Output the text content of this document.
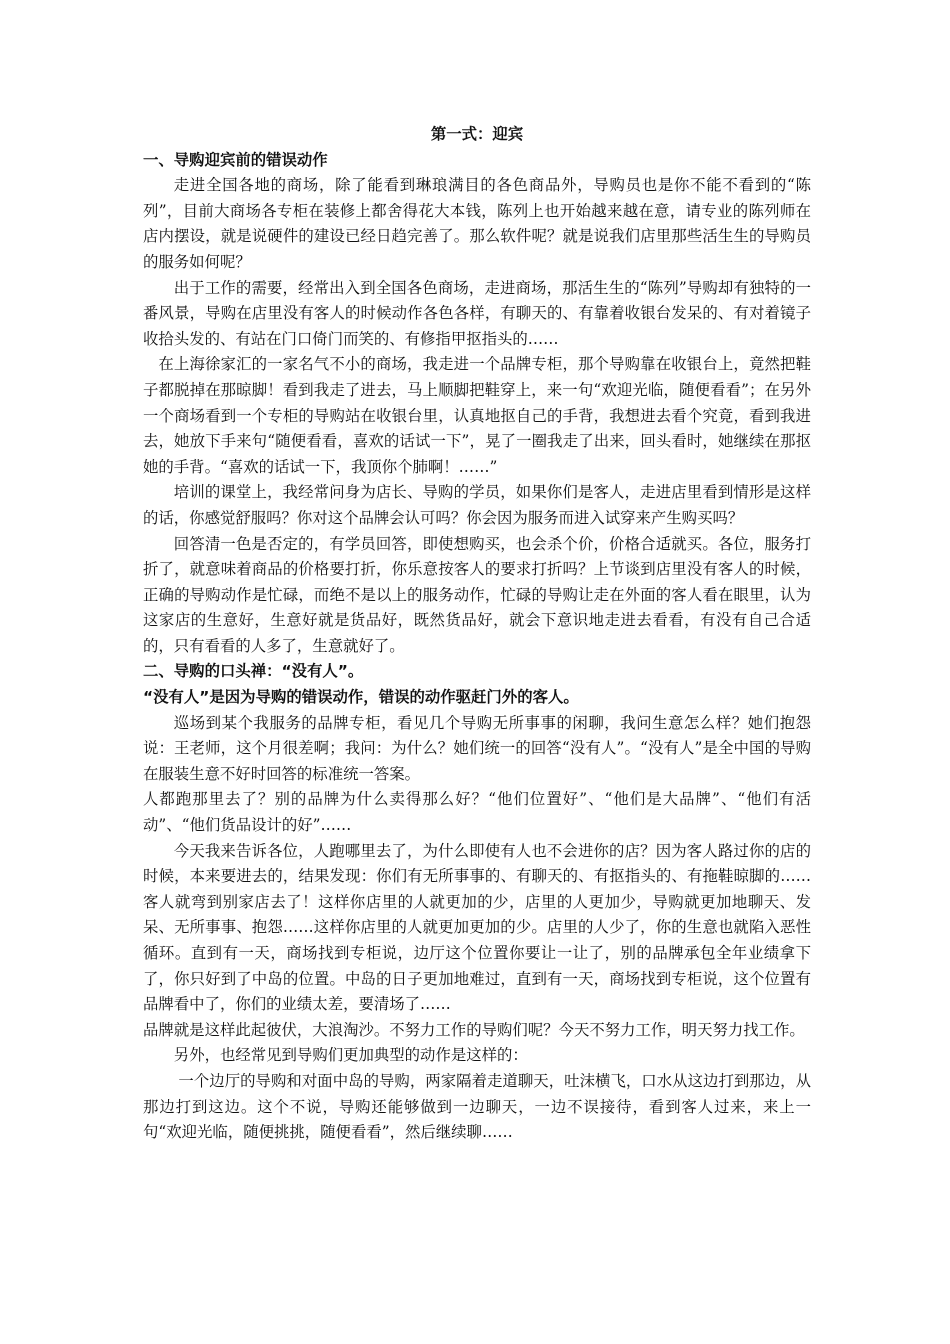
第一式：迎宾

一、导购迎宾前的错误动作

走进全国各地的商场，除了能看到琳琅满目的各色商品外，导购员也是你不能不看到的“陈列”，目前大商场各专柜在装修上都舍得花大本钱，陈列上也开始越来越在意，请专业的陈列师在店内摆设，就是说硬件的建设已经日趋完善了。那么软件呢？就是说我们店里那些活生生的导购员的服务如何呢？

出于工作的需要，经常出入到全国各色商场，走进商场，那活生生的“陈列”导购却有独特的一番风景，导购在店里没有客人的时候动作各色各样，有聊天的、有靠着收银台发呆的、有对着镜子收拾头发的、有站在门口倚门而笑的、有修指甲抠指头的……

在上海徐家汇的一家名气不小的商场，我走进一个品牌专柜，那个导购靠在收银台上，竟然把鞋子都脱掉在那晾脚！看到我走了进去，马上顺脚把鞋穿上，来一句“欢迎光临，随便看看”；在另外一个商场看到一个专柜的导购站在收银台里，认真地抠自己的手背，我想进去看个究竟，看到我进去，她放下手来句“随便看看，喜欢的话试一下”，晃了一圈我走了出来，回头看时，她继续在那抠她的手背。“喜欢的话试一下，我顶你个肺啊！……”

培训的课堂上，我经常问身为店长、导购的学员，如果你们是客人，走进店里看到情形是这样的话，你感觉舒服吗？你对这个品牌会认可吗？你会因为服务而进入试穿来产生购买吗？

回答清一色是否定的，有学员回答，即使想购买，也会杀个价，价格合适就买。各位，服务打折了，就意味着商品的价格要打折，你乐意按客人的要求打折吗？上节谈到店里没有客人的时候，正确的导购动作是忙碌，而绝不是以上的服务动作，忙碌的导购让走在外面的客人看在眼里，认为这家店的生意好，生意好就是货品好，既然货品好，就会下意识地走进去看看，有没有自己合适的，只有看看的人多了，生意就好了。

二、导购的口头禅：“没有人”。

“没有人”是因为导购的错误动作，错误的动作驱赶门外的客人。

巡场到某个我服务的品牌专柜，看见几个导购无所事事的闲聊，我问生意怎么样？她们抱怨说：王老师，这个月很差啊；我问：为什么？她们统一的回答“没有人”。“没有人”是全中国的导购在服装生意不好时回答的标准统一答案。

人都跑那里去了？别的品牌为什么卖得那么好？“他们位置好”、“他们是大品牌”、“他们有活动”、“他们货品设计的好”……

今天我来告诉各位，人跑哪里去了，为什么即使有人也不会进你的店？因为客人路过你的店的时候，本来要进去的，结果发现：你们有无所事事的、有聊天的、有抠指头的、有拖鞋晾脚的……客人就弯到别家店去了！这样你店里的人就更加的少，店里的人更加少，导购就更加地聊天、发呆、无所事事、抱怨……这样你店里的人就更加更加的少。店里的人少了，你的生意也就陷入恶性循环。直到有一天，商场找到专柜说，边厅这个位置你要让一让了，别的品牌承包全年业绩拿下了，你只好到了中岛的位置。中岛的日子更加地难过，直到有一天，商场找到专柜说，这个位置有品牌看中了，你们的业绩太差，要清场了……

品牌就是这样此起彼伏，大浪淘沙。不努力工作的导购们呢？今天不努力工作，明天努力找工作。

另外，也经常见到导购们更加典型的动作是这样的：

一个边厅的导购和对面中岛的导购，两家隔着走道聊天，吐沫横飞，口水从这边打到那边，从那边打到这边。这个不说，导购还能够做到一边聊天，一边不误接待，看到客人过来，来上一句“欢迎光临，随便挑挑，随便看看”，然后继续聊……
